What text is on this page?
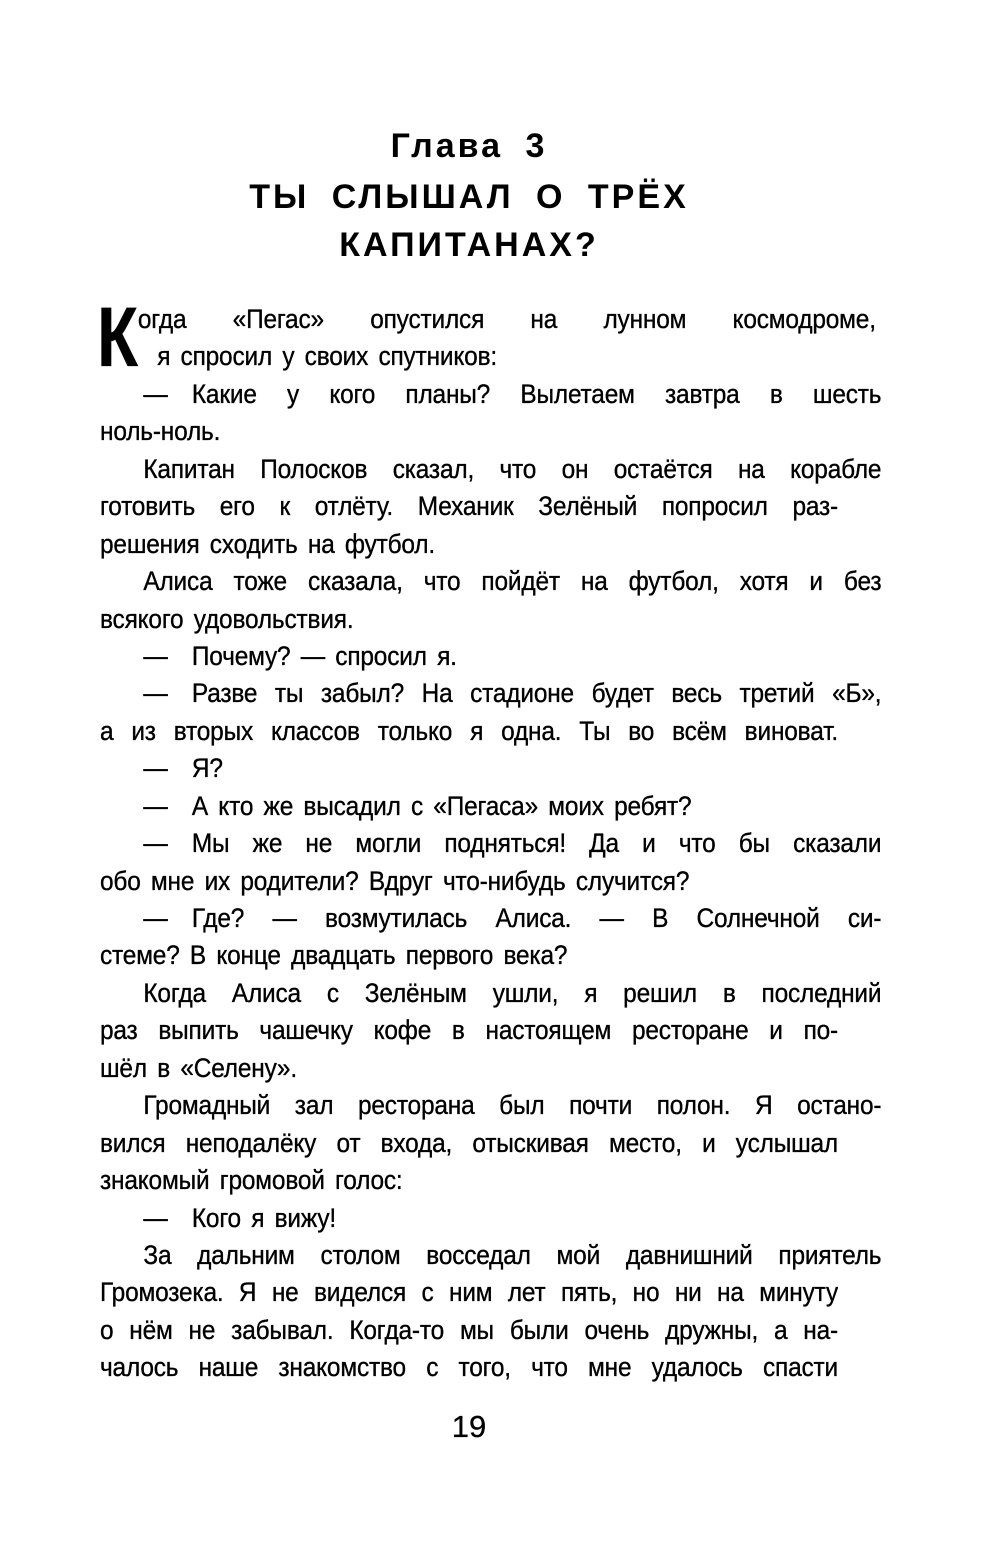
Глава 3
ТЫ СЛЫШАЛ О ТРЁХ
КАПИТАНАХ?
К огда «Пегас» опустился на лунном космодроме,
я спросил у своих спутников:
— Какие у кого планы? Вылетаем завтра в шесть
ноль-ноль.
Капитан Полосков сказал, что он остаётся на корабле
готовить его к отлёту. Механик Зелёный попросил раз-
решения сходить на футбол.
Алиса тоже сказала, что пойдёт на футбол, хотя и без
всякого удовольствия.
— Почему? — спросил я.
— Разве ты забыл? На стадионе будет весь третий «Б»,
а из вторых классов только я одна. Ты во всём виноват.
— Я?
— А кто же высадил с «Пегаса» моих ребят?
— Мы же не могли подняться! Да и что бы сказали
обо мне их родители? Вдруг что-нибудь случится?
— Где? — возмутилась Алиса. — В Солнечной си-
стеме? В конце двадцать первого века?
Когда Алиса с Зелёным ушли, я решил в последний
раз выпить чашечку кофе в настоящем ресторане и по-
шёл в «Селену».
Громадный зал ресторана был почти полон. Я остано-
вился неподалёку от входа, отыскивая место, и услышал
знакомый громовой голос:
— Кого я вижу!
За дальним столом восседал мой давнишний приятель
Громозека. Я не виделся с ним лет пять, но ни на минуту
о нём не забывал. Когда-то мы были очень дружны, а на-
чалось наше знакомство с того, что мне удалось спасти
19
